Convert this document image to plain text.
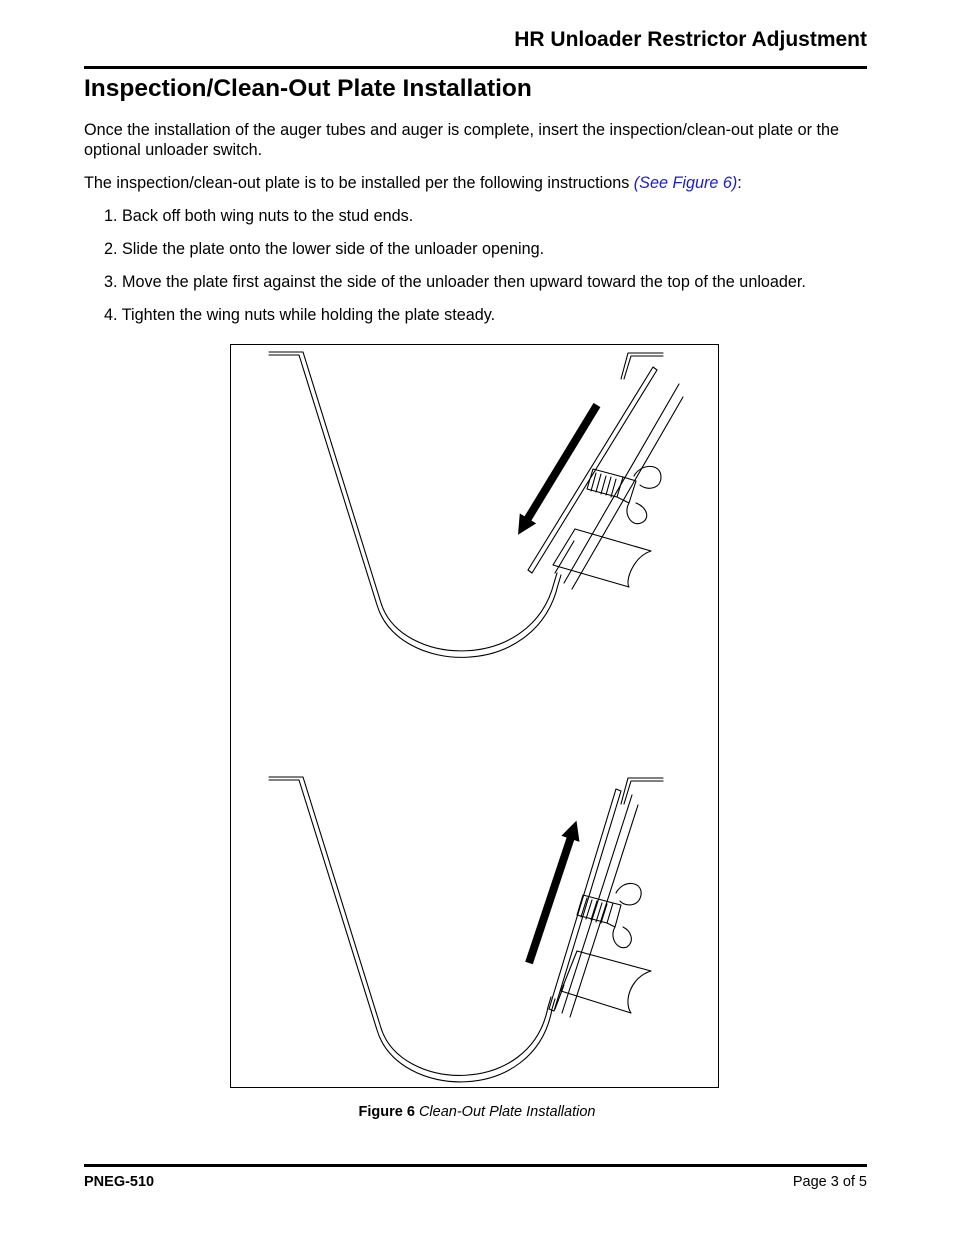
HR Unloader Restrictor Adjustment
Inspection/Clean-Out Plate Installation

Once the installation of the auger tubes and auger is complete, insert the inspection/clean-out plate or the optional unloader switch.

The inspection/clean-out plate is to be installed per the following instructions (See Figure 6):

1. Back off both wing nuts to the stud ends.
2. Slide the plate onto the lower side of the unloader opening.
3. Move the plate first against the side of the unloader then upward toward the top of the unloader.
4. Tighten the wing nuts while holding the plate steady.
Figure 6 Clean-Out Plate Installation
PNEG-510	Page 3 of 5
